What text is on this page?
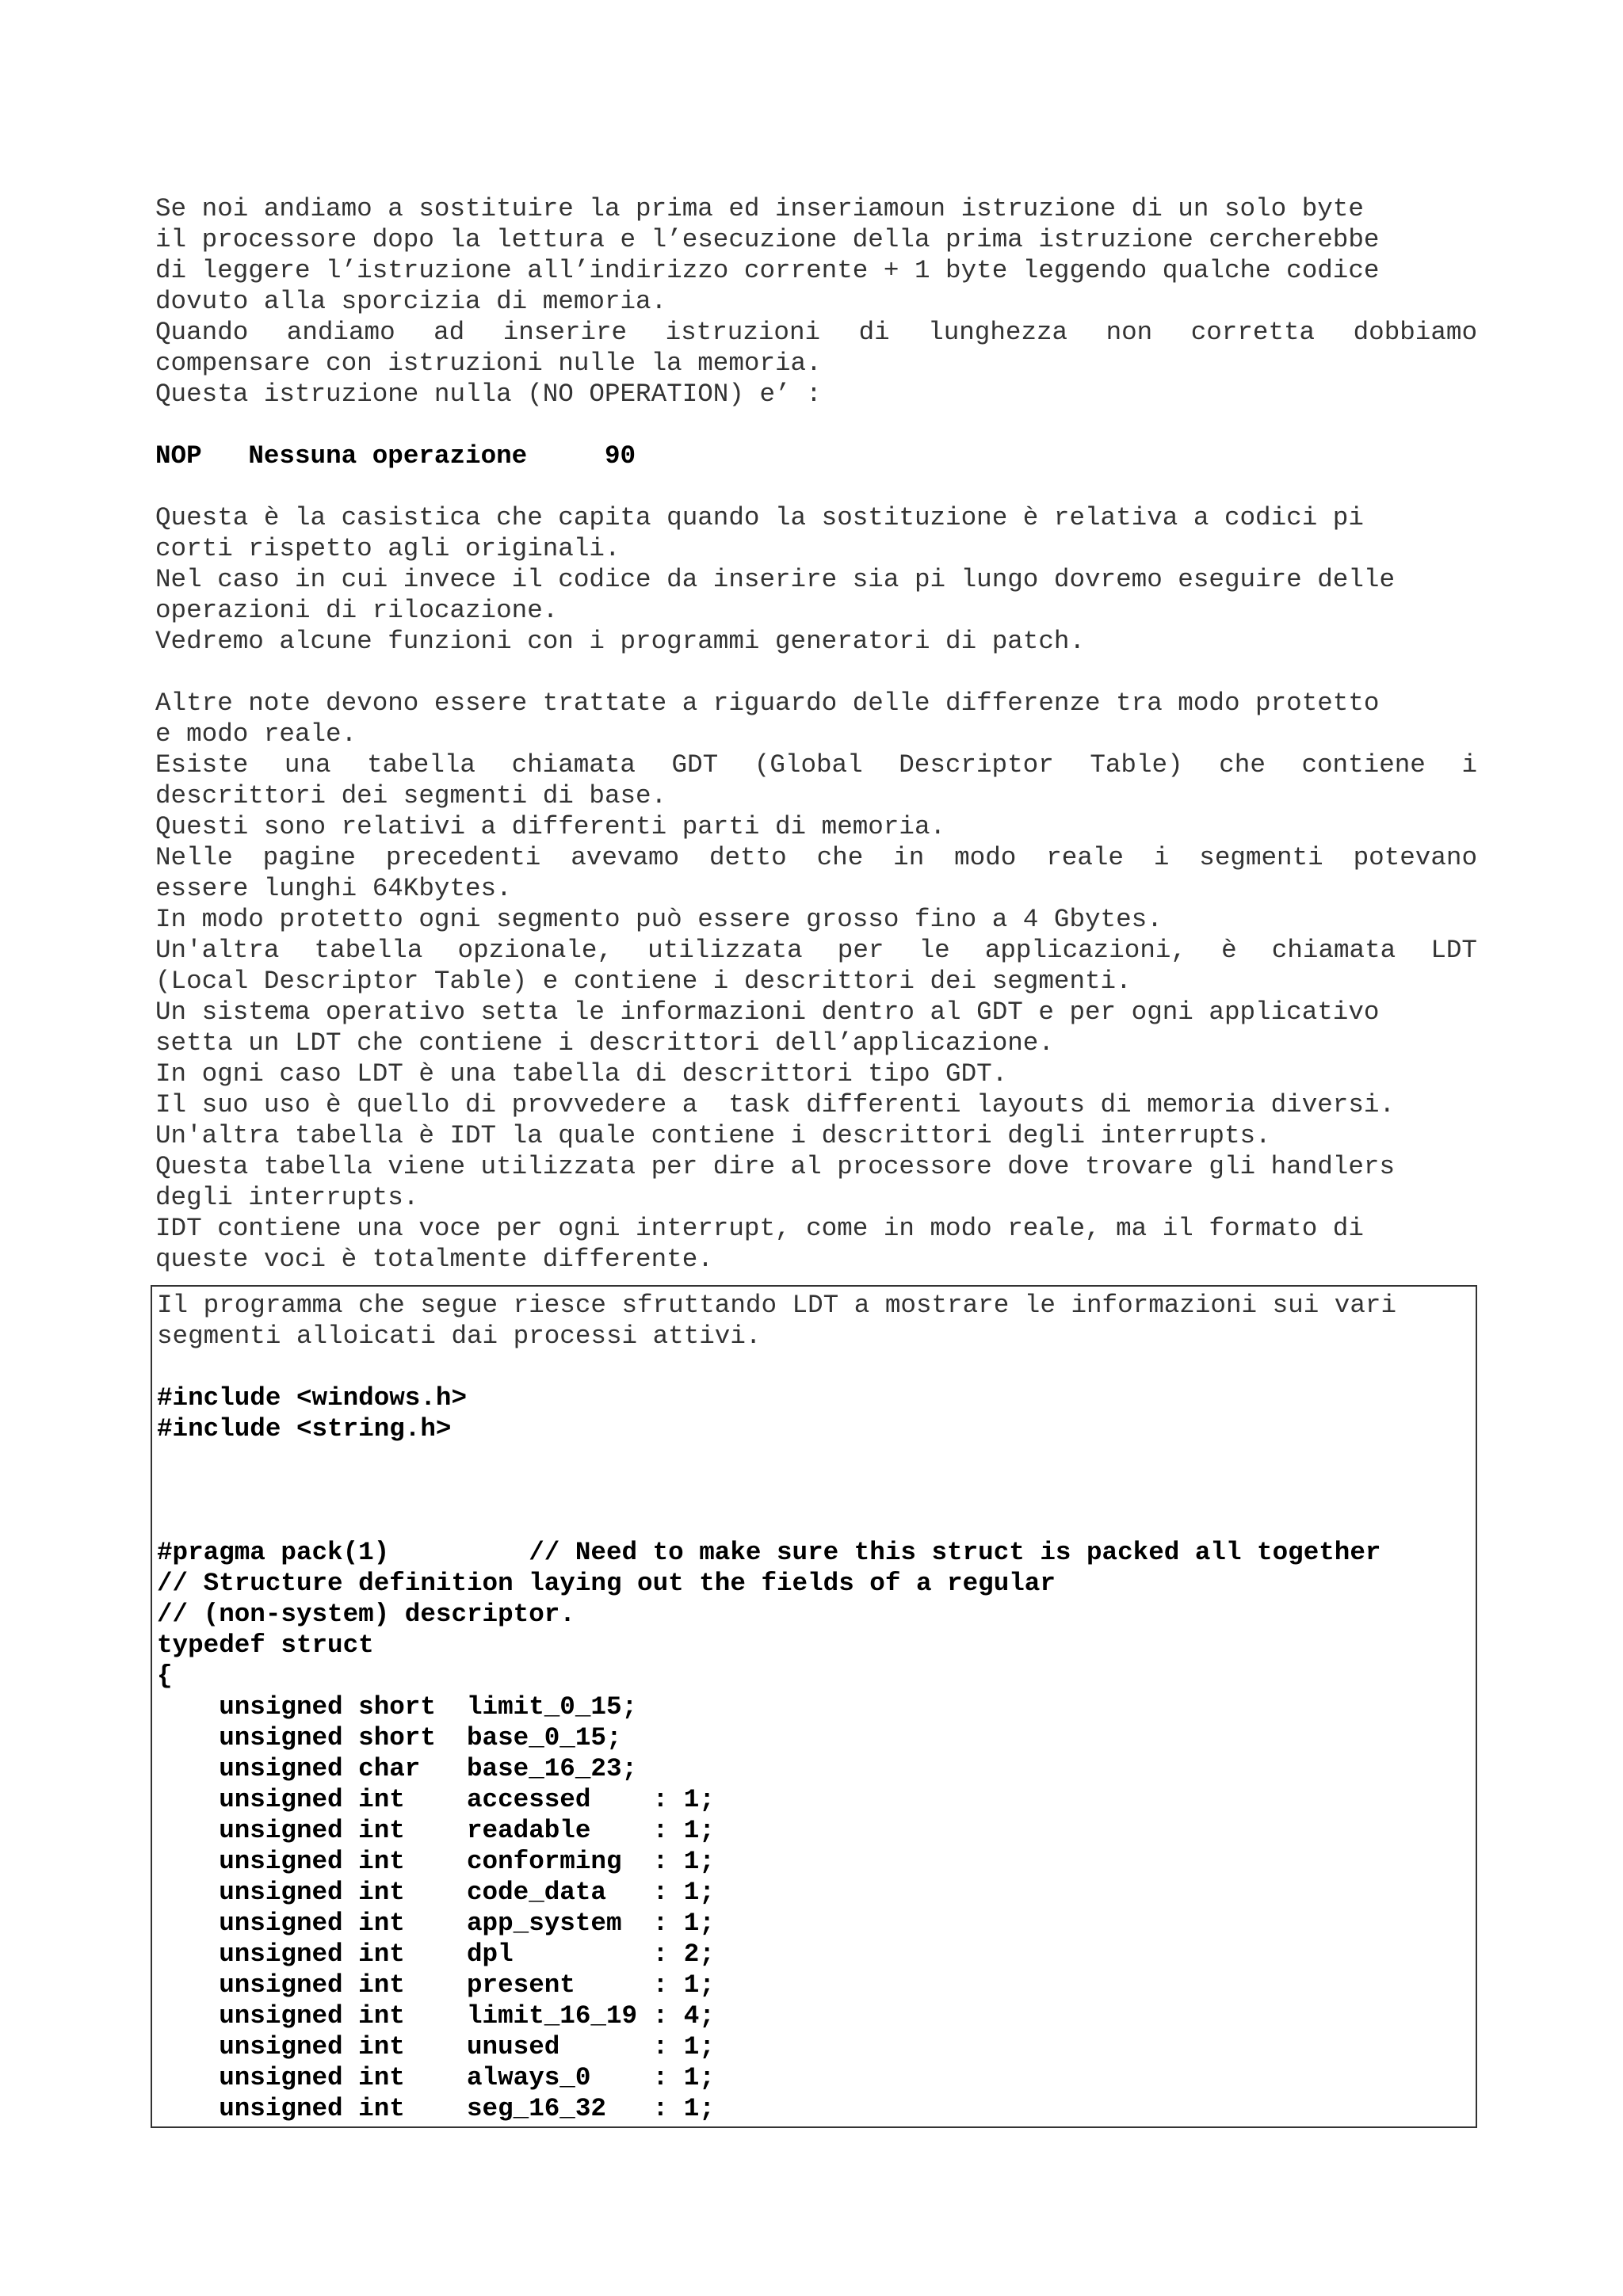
Se noi andiamo a sostituire la prima ed inseriamoun istruzione di un solo byte
il processore dopo la lettura e l’esecuzione della prima istruzione cercherebbe
di leggere l’istruzione all’indirizzo corrente + 1 byte leggendo qualche codice
dovuto alla sporcizia di memoria.
Quando andiamo ad inserire istruzioni di lunghezza non corretta dobbiamo
compensare con istruzioni nulle la memoria.
Questa istruzione nulla (NO OPERATION) e’ :
NOP Nessuna operazione	90
Questa è la casistica che capita quando la sostituzione è relativa a codici pi
corti rispetto agli originali.
Nel caso in cui invece il codice da inserire sia pi lungo dovremo eseguire delle
operazioni di rilocazione.
Vedremo alcune funzioni con i programmi generatori di patch.
Altre note devono essere trattate a riguardo delle differenze tra modo protetto
e modo reale.
Esiste una tabella chiamata GDT (Global Descriptor Table) che contiene i
descrittori dei segmenti di base.
Questi sono relativi a differenti parti di memoria.
Nelle pagine precedenti avevamo detto che in modo reale i segmenti potevano
essere lunghi 64Kbytes.
In modo protetto ogni segmento può essere grosso fino a 4 Gbytes.
Un'altra tabella opzionale, utilizzata per le applicazioni, è chiamata LDT
(Local Descriptor Table) e contiene i descrittori dei segmenti.
Un sistema operativo setta le informazioni dentro al GDT e per ogni applicativo
setta un LDT che contiene i descrittori dell’applicazione.
In ogni caso LDT è una tabella di descrittori tipo GDT.
Il suo uso è quello di provvedere a  task differenti layouts di memoria diversi.
Un'altra tabella è IDT la quale contiene i descrittori degli interrupts.
Questa tabella viene utilizzata per dire al processore dove trovare gli handlers
degli interrupts.
IDT contiene una voce per ogni interrupt, come in modo reale, ma il formato di
queste voci è totalmente differente.
Il programma che segue riesce sfruttando LDT a mostrare le informazioni sui vari
segmenti alloicati dai processi attivi.
#include <windows.h>
#include <string.h>
#pragma pack(1)         // Need to make sure this struct is packed all together
// Structure definition laying out the fields of a regular
// (non-system) descriptor.
typedef struct
{
unsigned short  limit_0_15;
unsigned short  base_0_15;
unsigned char   base_16_23;
unsigned int    accessed    : 1;
unsigned int    readable    : 1;
unsigned int    conforming  : 1;
unsigned int    code_data   : 1;
unsigned int    app_system  : 1;
unsigned int    dpl         : 2;
unsigned int    present     : 1;
unsigned int    limit_16_19 : 4;
unsigned int    unused      : 1;
unsigned int    always_0    : 1;
unsigned int    seg_16_32   : 1;
